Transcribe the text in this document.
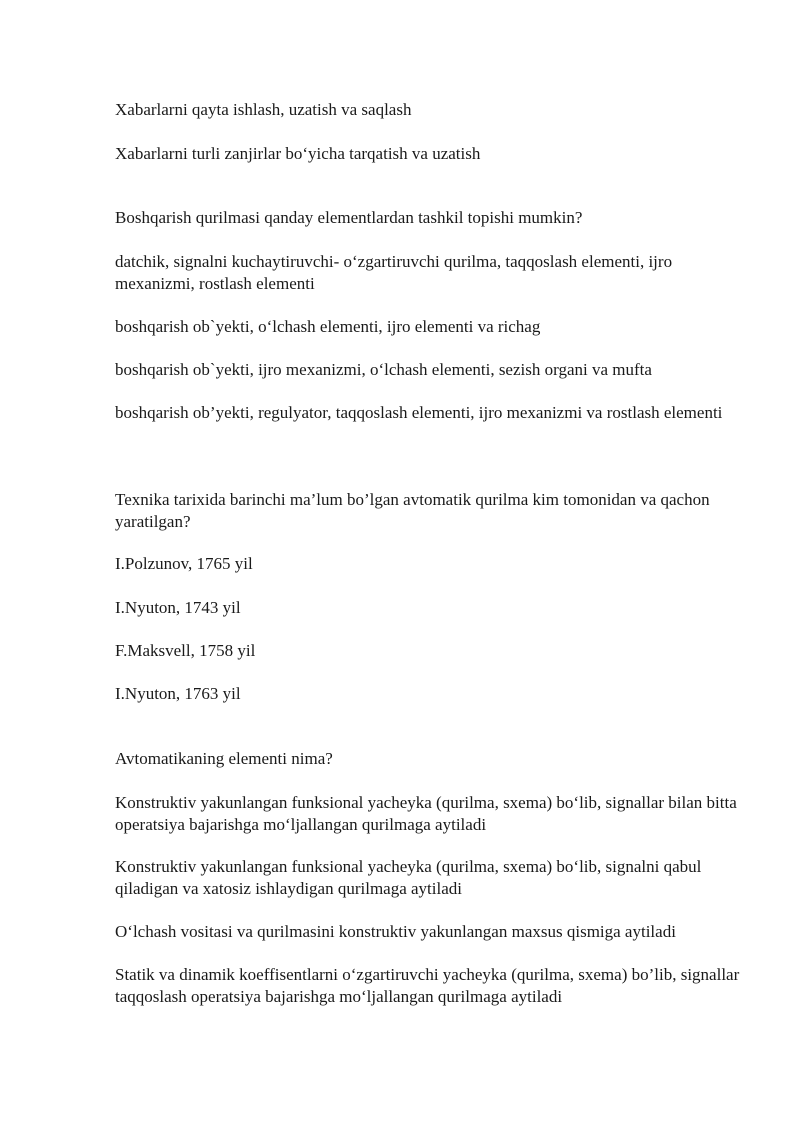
Xabarlarni qayta ishlash, uzatish va saqlash

Xabarlarni turli zanjirlar bo‘yicha tarqatish va uzatish

Boshqarish qurilmasi qanday elementlardan tashkil topishi mumkin?

datchik, signalni kuchaytiruvchi- o‘zgartiruvchi qurilma, taqqoslash elementi, ijro mexanizmi, rostlash elementi

boshqarish ob`yekti, o‘lchash elementi, ijro elementi va richag

boshqarish ob`yekti, ijro mexanizmi, o‘lchash elementi, sezish organi va mufta

boshqarish ob’yekti, regulyator, taqqoslash elementi, ijro mexanizmi va rostlash elementi

Texnika tarixida barinchi ma’lum bo’lgan avtomatik qurilma kim tomonidan va qachon yaratilgan?

I.Polzunov, 1765 yil

I.Nyuton, 1743 yil

F.Maksvell, 1758 yil

I.Nyuton, 1763 yil

Avtomatikaning elementi nima?

Konstruktiv yakunlangan funksional yacheyka (qurilma, sxema) bo‘lib, signallar bilan bitta operatsiya bajarishga mo‘ljallangan qurilmaga aytiladi

Konstruktiv yakunlangan funksional yacheyka (qurilma, sxema) bo‘lib, signalni qabul qiladigan va xatosiz ishlaydigan qurilmaga aytiladi

O‘lchash vositasi va qurilmasini konstruktiv yakunlangan maxsus qismiga aytiladi

Statik va dinamik koeffisentlarni o‘zgartiruvchi yacheyka (qurilma, sxema) bo’lib, signallar taqqoslash operatsiya bajarishga mo‘ljallangan qurilmaga aytiladi
